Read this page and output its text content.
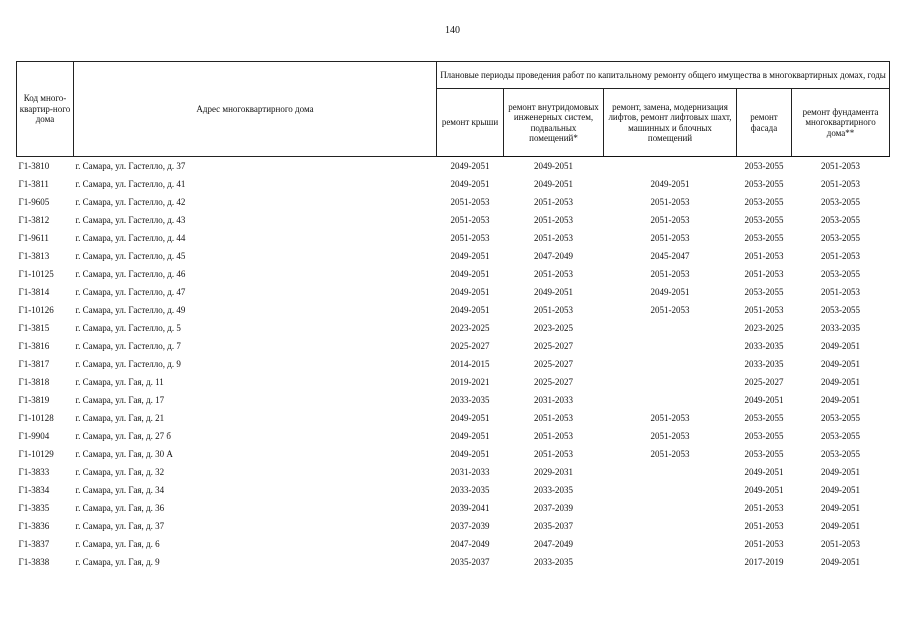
140
Код много-квартир-ного дома	Адрес многоквартирного дома	Плановые периоды проведения работ по капитальному ремонту общего имущества в многоквартирных домах, годы				
		ремонт крыши	ремонт внутридомовых инженерных систем, подвальных помещений*	ремонт, замена, модернизация лифтов, ремонт лифтовых шахт, машинных и блочных помещений	ремонт фасада	ремонт фундамента многоквартирного дома**
Г1-3810	г. Самара, ул. Гастелло, д. 37	2049-2051	2049-2051		2053-2055	2051-2053
Г1-3811	г. Самара, ул. Гастелло, д. 41	2049-2051	2049-2051	2049-2051	2053-2055	2051-2053
Г1-9605	г. Самара, ул. Гастелло, д. 42	2051-2053	2051-2053	2051-2053	2053-2055	2053-2055
Г1-3812	г. Самара, ул. Гастелло, д. 43	2051-2053	2051-2053	2051-2053	2053-2055	2053-2055
Г1-9611	г. Самара, ул. Гастелло, д. 44	2051-2053	2051-2053	2051-2053	2053-2055	2053-2055
Г1-3813	г. Самара, ул. Гастелло, д. 45	2049-2051	2047-2049	2045-2047	2051-2053	2051-2053
Г1-10125	г. Самара, ул. Гастелло, д. 46	2049-2051	2051-2053	2051-2053	2051-2053	2053-2055
Г1-3814	г. Самара, ул. Гастелло, д. 47	2049-2051	2049-2051	2049-2051	2053-2055	2051-2053
Г1-10126	г. Самара, ул. Гастелло, д. 49	2049-2051	2051-2053	2051-2053	2051-2053	2053-2055
Г1-3815	г. Самара, ул. Гастелло, д. 5	2023-2025	2023-2025		2023-2025	2033-2035
Г1-3816	г. Самара, ул. Гастелло, д. 7	2025-2027	2025-2027		2033-2035	2049-2051
Г1-3817	г. Самара, ул. Гастелло, д. 9	2014-2015	2025-2027		2033-2035	2049-2051
Г1-3818	г. Самара, ул. Гая, д. 11	2019-2021	2025-2027		2025-2027	2049-2051
Г1-3819	г. Самара, ул. Гая, д. 17	2033-2035	2031-2033		2049-2051	2049-2051
Г1-10128	г. Самара, ул. Гая, д. 21	2049-2051	2051-2053	2051-2053	2053-2055	2053-2055
Г1-9904	г. Самара, ул. Гая, д. 27 б	2049-2051	2051-2053	2051-2053	2053-2055	2053-2055
Г1-10129	г. Самара, ул. Гая, д. 30 А	2049-2051	2051-2053	2051-2053	2053-2055	2053-2055
Г1-3833	г. Самара, ул. Гая, д. 32	2031-2033	2029-2031		2049-2051	2049-2051
Г1-3834	г. Самара, ул. Гая, д. 34	2033-2035	2033-2035		2049-2051	2049-2051
Г1-3835	г. Самара, ул. Гая, д. 36	2039-2041	2037-2039		2051-2053	2049-2051
Г1-3836	г. Самара, ул. Гая, д. 37	2037-2039	2035-2037		2051-2053	2049-2051
Г1-3837	г. Самара, ул. Гая, д. 6	2047-2049	2047-2049		2051-2053	2051-2053
Г1-3838	г. Самара, ул. Гая, д. 9	2035-2037	2033-2035		2017-2019	2049-2051
